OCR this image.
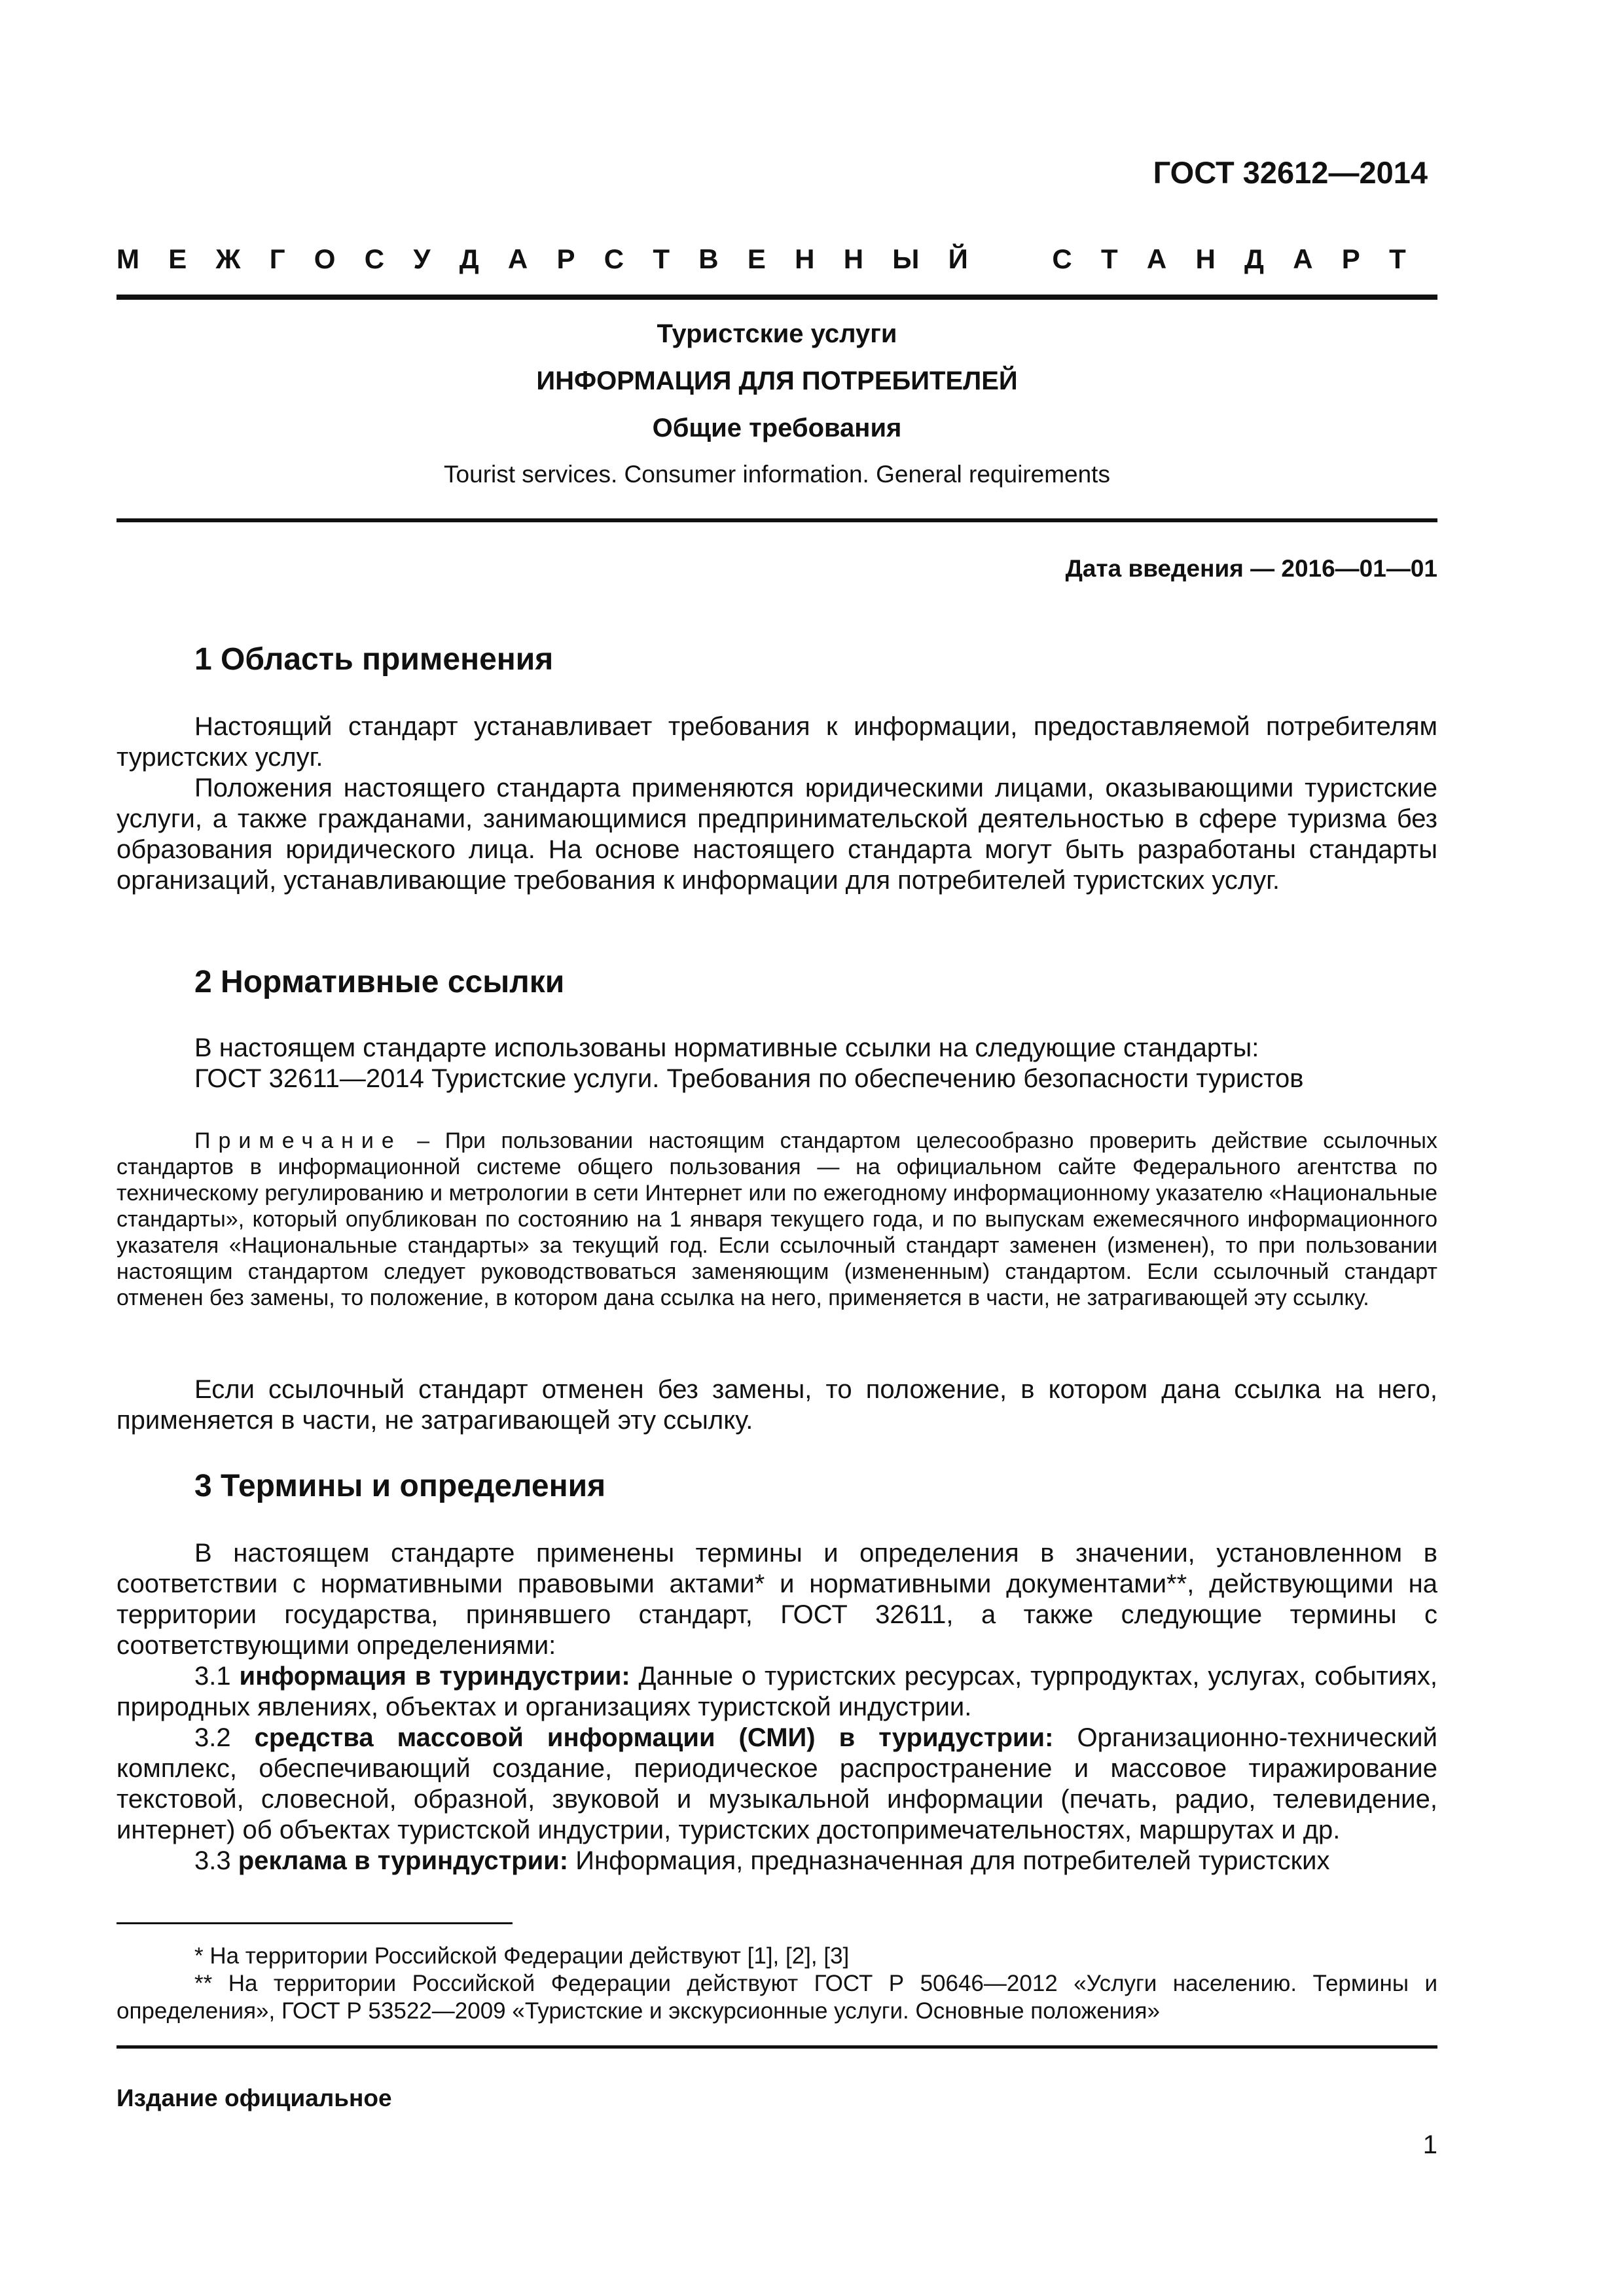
ГОСТ 32612—2014
М Е Ж Г О С У Д А Р С Т В Е Н Н Ы Й	С Т А Н Д А Р Т
Туристские услуги
ИНФОРМАЦИЯ ДЛЯ ПОТРЕБИТЕЛЕЙ
Общие требования
Tourist services. Consumer information. General requirements
Дата введения — 2016—01—01
1 Область применения
Настоящий стандарт устанавливает требования к информации, предоставляемой потребителям туристских услуг.
Положения настоящего стандарта применяются юридическими лицами, оказывающими туристские услуги, а также гражданами, занимающимися предпринимательской деятельностью в сфере туризма без образования юридического лица. На основе настоящего стандарта могут быть разработаны стандарты организаций, устанавливающие требования к информации для потребителей туристских услуг.
2 Нормативные ссылки
В настоящем стандарте использованы нормативные ссылки на следующие стандарты:
ГОСТ 32611—2014 Туристские услуги. Требования по обеспечению безопасности туристов
Примечание – При пользовании настоящим стандартом целесообразно проверить действие ссылочных стандартов в информационной системе общего пользования — на официальном сайте Федерального агентства по техническому регулированию и метрологии в сети Интернет или по ежегодному информационному указателю «Национальные стандарты», который опубликован по состоянию на 1 января текущего года, и по выпускам ежемесячного информационного указателя «Национальные стандарты» за текущий год. Если ссылочный стандарт заменен (изменен), то при пользовании настоящим стандартом следует руководствоваться заменяющим (измененным) стандартом. Если ссылочный стандарт отменен без замены, то положение, в котором дана ссылка на него, применяется в части, не затрагивающей эту ссылку.
Если ссылочный стандарт отменен без замены, то положение, в котором дана ссылка на него, применяется в части, не затрагивающей эту ссылку.
3 Термины и определения
В настоящем стандарте применены термины и определения в значении, установленном в соответствии с нормативными правовыми актами* и нормативными документами**, действующими на территории государства, принявшего стандарт, ГОСТ 32611, а также следующие термины с соответствующими определениями:
3.1 информация в туриндустрии: Данные о туристских ресурсах, турпродуктах, услугах, событиях, природных явлениях, объектах и организациях туристской индустрии.
3.2 средства массовой информации (СМИ) в туридустрии: Организационно-технический комплекс, обеспечивающий создание, периодическое распространение и массовое тиражирование текстовой, словесной, образной, звуковой и музыкальной информации (печать, радио, телевидение, интернет) об объектах туристской индустрии, туристских достопримечательностях, маршрутах и др.
3.3 реклама в туриндустрии: Информация, предназначенная для потребителей туристских
* На территории Российской Федерации действуют [1], [2], [3]
** На территории Российской Федерации действуют ГОСТ Р 50646—2012 «Услуги населению. Термины и определения», ГОСТ Р 53522—2009 «Туристские и экскурсионные услуги. Основные положения»
Издание официальное
1
